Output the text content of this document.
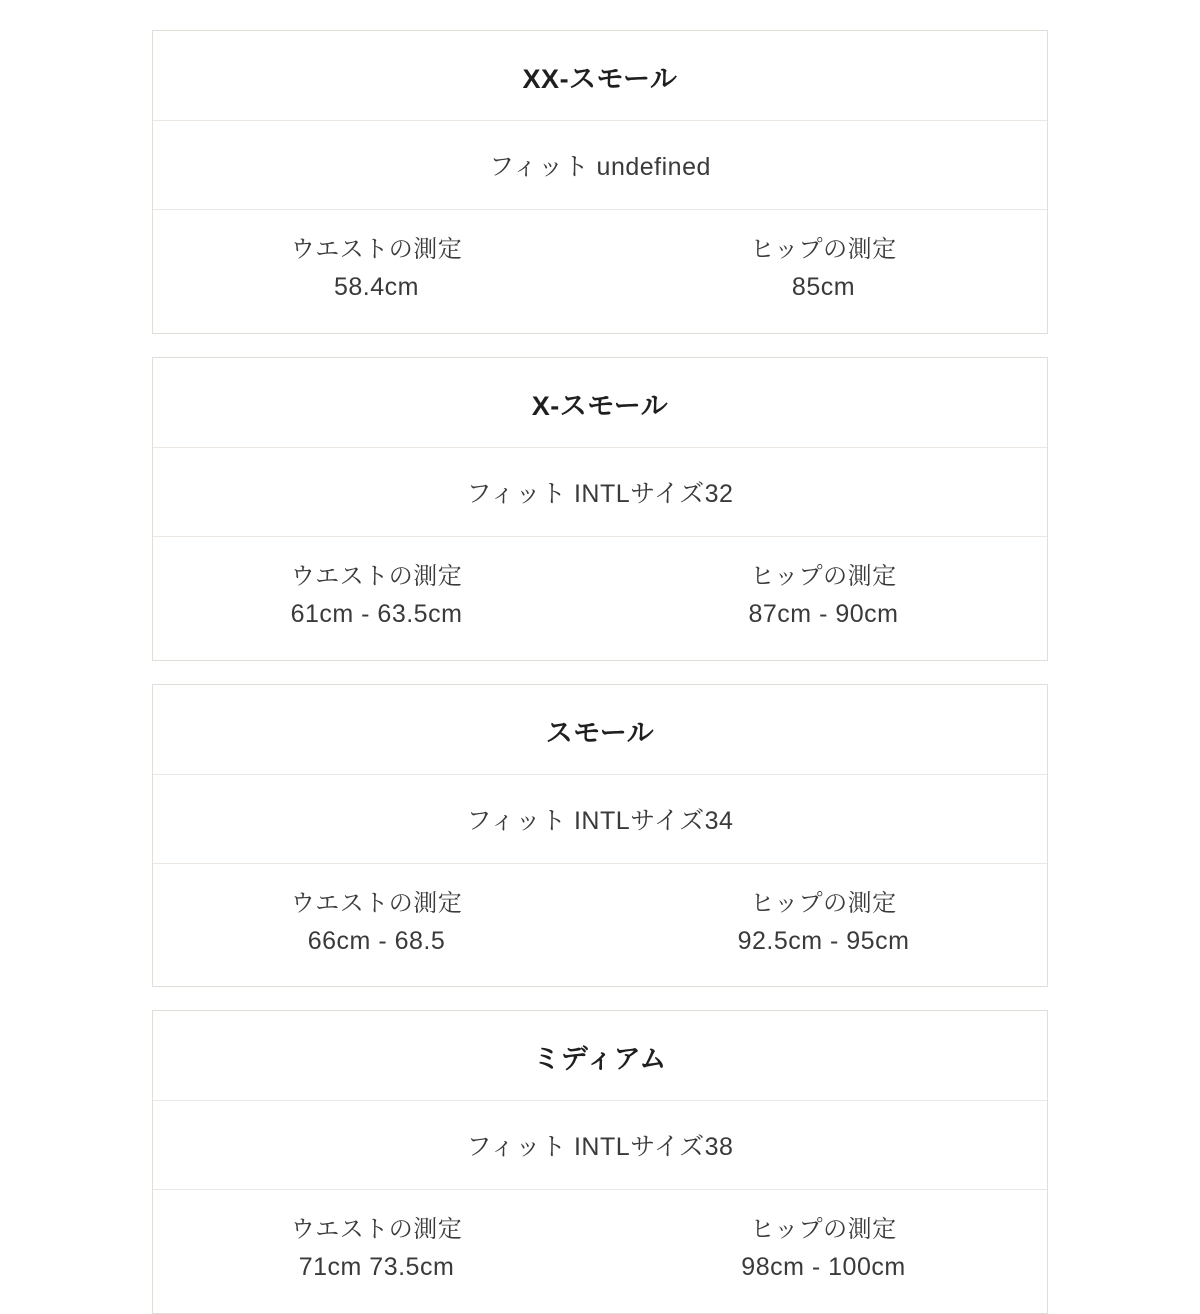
XX-スモール
フィット undefined
ウエストの測定
58.4cm
ヒップの測定
85cm
X-スモール
フィット INTLサイズ32
ウエストの測定
61cm - 63.5cm
ヒップの測定
87cm - 90cm
スモール
フィット INTLサイズ34
ウエストの測定
66cm - 68.5
ヒップの測定
92.5cm - 95cm
ミディアム
フィット INTLサイズ38
ウエストの測定
71cm 73.5cm
ヒップの測定
98cm - 100cm
